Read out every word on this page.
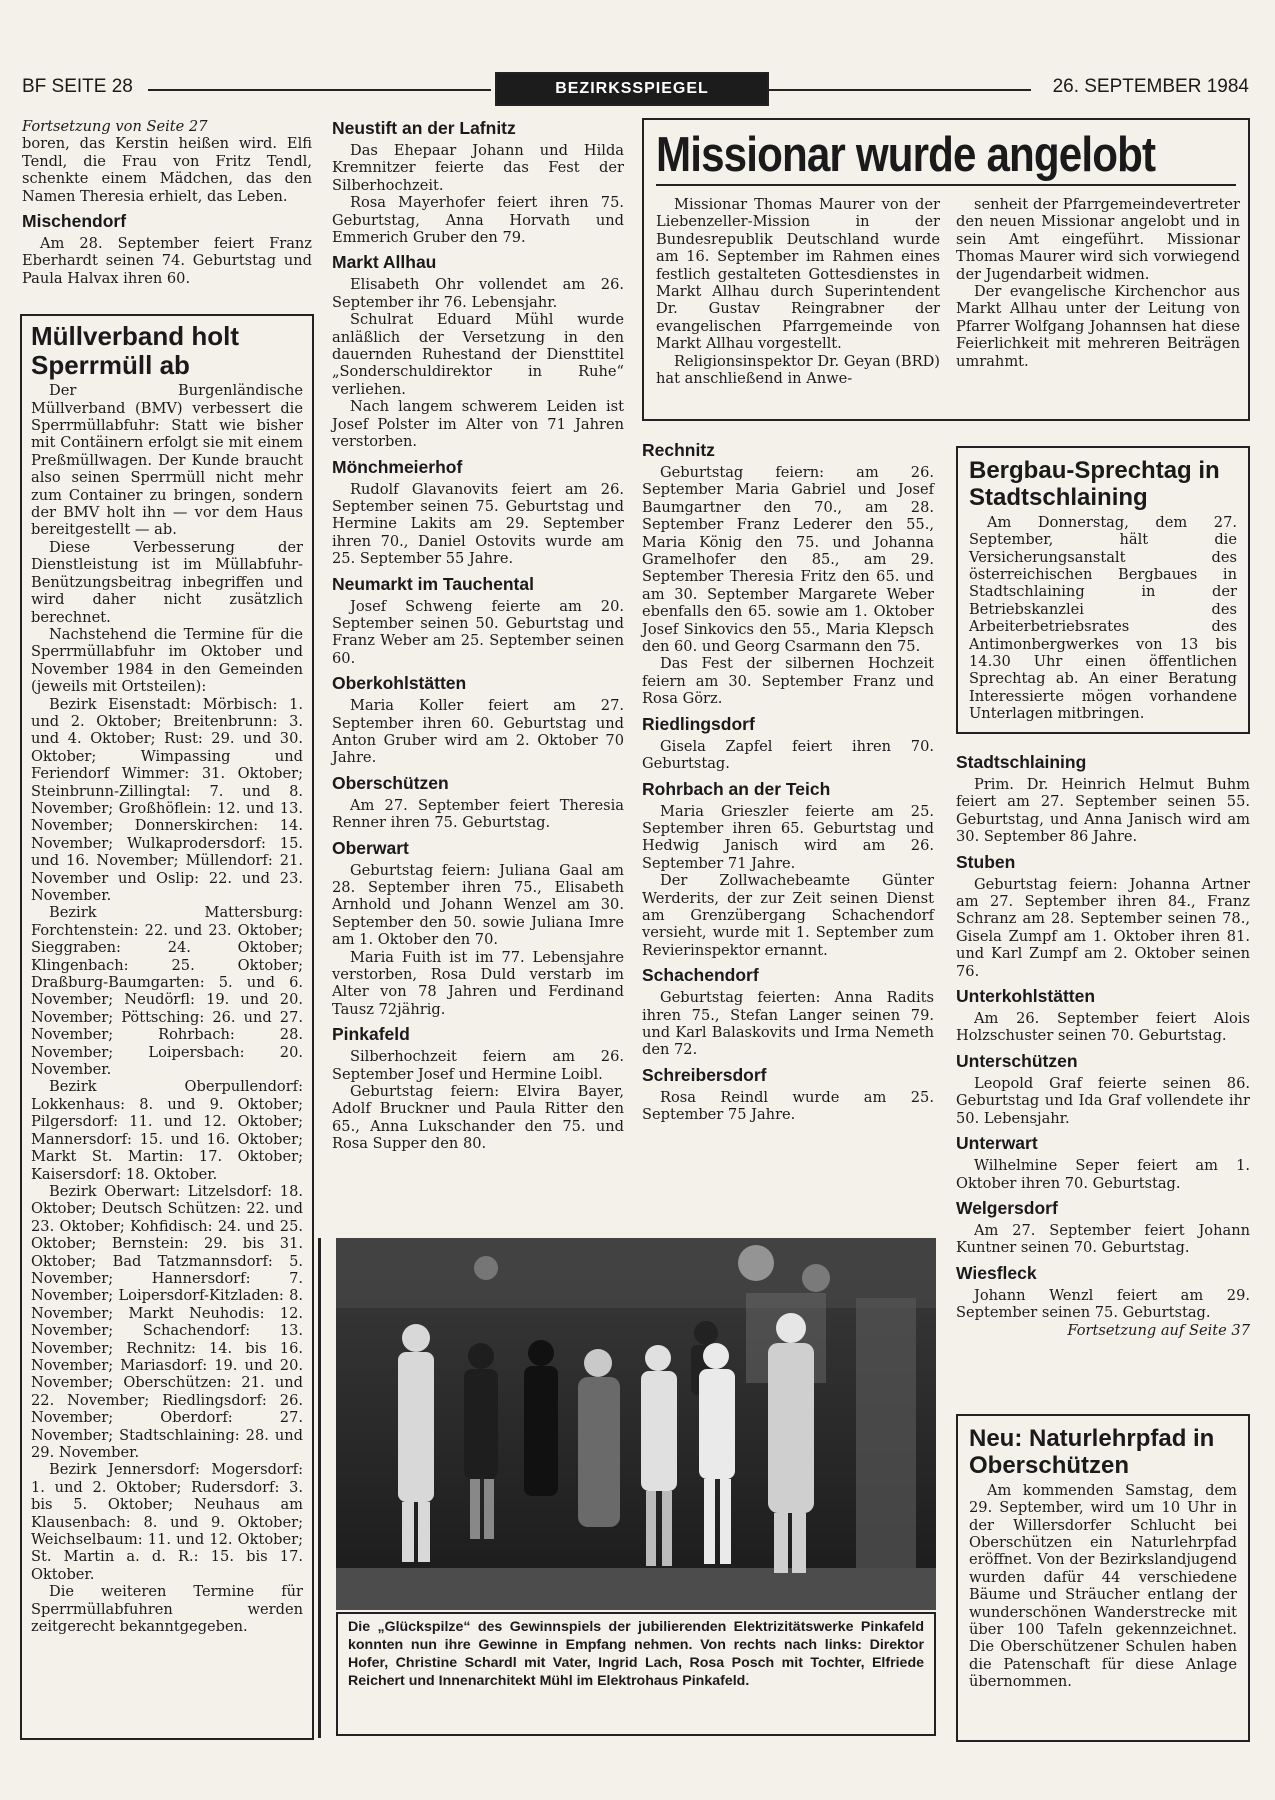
BF SEITE 28	BEZIRKSSPIEGEL	26. SEPTEMBER 1984

Fortsetzung von Seite 27

boren, das Kerstin heißen wird. Elfi Tendl, die Frau von Fritz Tendl, schenkte einem Mädchen, das den Namen Theresia erhielt, das Leben.

Mischendorf

Am 28. September feiert Franz Eberhardt seinen 74. Geburtstag und Paula Halvax ihren 60.

Müllverband holt Sperrmüll ab

Der Burgenländische Müllverband (BMV) verbessert die Sperrmüllabfuhr: Statt wie bisher mit Contäinern erfolgt sie mit einem Preßmüllwagen. Der Kunde braucht also seinen Sperrmüll nicht mehr zum Container zu bringen, sondern der BMV holt ihn — vor dem Haus bereitgestellt — ab.

Diese Verbesserung der Dienstleistung ist im Müllabfuhr-Benützungsbeitrag inbegriffen und wird daher nicht zusätzlich berechnet.

Nachstehend die Termine für die Sperrmüllabfuhr im Oktober und November 1984 in den Gemeinden (jeweils mit Ortsteilen):

Bezirk Eisenstadt: Mörbisch: 1. und 2. Oktober; Breitenbrunn: 3. und 4. Oktober; Rust: 29. und 30. Oktober; Wimpassing und Feriendorf Wimmer: 31. Oktober; Steinbrunn-Zillingtal: 7. und 8. November; Großhöflein: 12. und 13. November; Donnerskirchen: 14. November; Wulkaprodersdorf: 15. und 16. November; Müllendorf: 21. November und Oslip: 22. und 23. November.

Bezirk Mattersburg: Forchtenstein: 22. und 23. Oktober; Sieggraben: 24. Oktober; Klingenbach: 25. Oktober; Draßburg-Baumgarten: 5. und 6. November; Neudörfl: 19. und 20. November; Pöttsching: 26. und 27. November; Rohrbach: 28. November; Loipersbach: 20. November.

Bezirk Oberpullendorf: Lokkenhaus: 8. und 9. Oktober; Pilgersdorf: 11. und 12. Oktober; Mannersdorf: 15. und 16. Oktober; Markt St. Martin: 17. Oktober; Kaisersdorf: 18. Oktober.

Bezirk Oberwart: Litzelsdorf: 18. Oktober; Deutsch Schützen: 22. und 23. Oktober; Kohfidisch: 24. und 25. Oktober; Bernstein: 29. bis 31. Oktober; Bad Tatzmannsdorf: 5. November; Hannersdorf: 7. November; Loipersdorf-Kitzladen: 8. November; Markt Neuhodis: 12. November; Schachendorf: 13. November; Rechnitz: 14. bis 16. November; Mariasdorf: 19. und 20. November; Oberschützen: 21. und 22. November; Riedlingsdorf: 26. November; Oberdorf: 27. November; Stadtschlaining: 28. und 29. November.

Bezirk Jennersdorf: Mogersdorf: 1. und 2. Oktober; Rudersdorf: 3. bis 5. Oktober; Neuhaus am Klausenbach: 8. und 9. Oktober; Weichselbaum: 11. und 12. Oktober; St. Martin a. d. R.: 15. bis 17. Oktober.

Die weiteren Termine für Sperrmüllabfuhren werden zeitgerecht bekanntgegeben.

Neustift an der Lafnitz

Das Ehepaar Johann und Hilda Kremnitzer feierte das Fest der Silberhochzeit.

Rosa Mayerhofer feiert ihren 75. Geburtstag, Anna Horvath und Emmerich Gruber den 79.

Markt Allhau

Elisabeth Ohr vollendet am 26. September ihr 76. Lebensjahr.

Schulrat Eduard Mühl wurde anläßlich der Versetzung in den dauernden Ruhestand der Diensttitel „Sonderschuldirektor in Ruhe“ verliehen.

Nach langem schwerem Leiden ist Josef Polster im Alter von 71 Jahren verstorben.

Mönchmeierhof

Rudolf Glavanovits feiert am 26. September seinen 75. Geburtstag und Hermine Lakits am 29. September ihren 70., Daniel Ostovits wurde am 25. September 55 Jahre.

Neumarkt im Tauchental

Josef Schweng feierte am 20. September seinen 50. Geburtstag und Franz Weber am 25. September seinen 60.

Oberkohlstätten

Maria Koller feiert am 27. September ihren 60. Geburtstag und Anton Gruber wird am 2. Oktober 70 Jahre.

Oberschützen

Am 27. September feiert Theresia Renner ihren 75. Geburtstag.

Oberwart

Geburtstag feiern: Juliana Gaal am 28. September ihren 75., Elisabeth Arnhold und Johann Wenzel am 30. September den 50. sowie Juliana Imre am 1. Oktober den 70.

Maria Fuith ist im 77. Lebensjahre verstorben, Rosa Duld verstarb im Alter von 78 Jahren und Ferdinand Tausz 72jährig.

Pinkafeld

Silberhochzeit feiern am 26. September Josef und Hermine Loibl.

Geburtstag feiern: Elvira Bayer, Adolf Bruckner und Paula Ritter den 65., Anna Lukschander den 75. und Rosa Supper den 80.

Missionar wurde angelobt

Missionar Thomas Maurer von der Liebenzeller-Mission in der Bundesrepublik Deutschland wurde am 16. September im Rahmen eines festlich gestalteten Gottesdienstes in Markt Allhau durch Superintendent Dr. Gustav Reingrabner der evangelischen Pfarrgemeinde von Markt Allhau vorgestellt.

Religionsinspektor Dr. Geyan (BRD) hat anschließend in Anwe-

senheit der Pfarrgemeindevertreter den neuen Missionar angelobt und in sein Amt eingeführt. Missionar Thomas Maurer wird sich vorwiegend der Jugendarbeit widmen.

Der evangelische Kirchenchor aus Markt Allhau unter der Leitung von Pfarrer Wolfgang Johannsen hat diese Feierlichkeit mit mehreren Beiträgen umrahmt.

Rechnitz

Geburtstag feiern: am 26. September Maria Gabriel und Josef Baumgartner den 70., am 28. September Franz Lederer den 55., Maria König den 75. und Johanna Gramelhofer den 85., am 29. September Theresia Fritz den 65. und am 30. September Margarete Weber ebenfalls den 65. sowie am 1. Oktober Josef Sinkovics den 55., Maria Klepsch den 60. und Georg Csarmann den 75.

Das Fest der silbernen Hochzeit feiern am 30. September Franz und Rosa Görz.

Riedlingsdorf

Gisela Zapfel feiert ihren 70. Geburtstag.

Rohrbach an der Teich

Maria Grieszler feierte am 25. September ihren 65. Geburtstag und Hedwig Janisch wird am 26. September 71 Jahre.

Der Zollwachebeamte Günter Werderits, der zur Zeit seinen Dienst am Grenzübergang Schachendorf versieht, wurde mit 1. September zum Revierinspektor ernannt.

Schachendorf

Geburtstag feierten: Anna Radits ihren 75., Stefan Langer seinen 79. und Karl Balaskovits und Irma Nemeth den 72.

Schreibersdorf

Rosa Reindl wurde am 25. September 75 Jahre.

Bergbau-Sprechtag in Stadtschlaining

Am Donnerstag, dem 27. September, hält die Versicherungsanstalt des österreichischen Bergbaues in Stadtschlaining in der Betriebskanzlei des Arbeiterbetriebsrates des Antimonbergwerkes von 13 bis 14.30 Uhr einen öffentlichen Sprechtag ab. An einer Beratung Interessierte mögen vorhandene Unterlagen mitbringen.

Stadtschlaining

Prim. Dr. Heinrich Helmut Buhm feiert am 27. September seinen 55. Geburtstag, und Anna Janisch wird am 30. September 86 Jahre.

Stuben

Geburtstag feiern: Johanna Artner am 27. September ihren 84., Franz Schranz am 28. September seinen 78., Gisela Zumpf am 1. Oktober ihren 81. und Karl Zumpf am 2. Oktober seinen 76.

Unterkohlstätten

Am 26. September feiert Alois Holzschuster seinen 70. Geburtstag.

Unterschützen

Leopold Graf feierte seinen 86. Geburtstag und Ida Graf vollendete ihr 50. Lebensjahr.

Unterwart

Wilhelmine Seper feiert am 1. Oktober ihren 70. Geburtstag.

Welgersdorf

Am 27. September feiert Johann Kuntner seinen 70. Geburtstag.

Wiesfleck

Johann Wenzl feiert am 29. September seinen 75. Geburtstag.

Fortsetzung auf Seite 37

Neu: Naturlehrpfad in Oberschützen

Am kommenden Samstag, dem 29. September, wird um 10 Uhr in der Willersdorfer Schlucht bei Oberschützen ein Naturlehrpfad eröffnet. Von der Bezirkslandjugend wurden dafür 44 verschiedene Bäume und Sträucher entlang der wunderschönen Wanderstrecke mit über 100 Tafeln gekennzeichnet. Die Oberschützener Schulen haben die Patenschaft für diese Anlage übernommen.

Die „Glückspilze“ des Gewinnspiels der jubilierenden Elektrizitätswerke Pinkafeld konnten nun ihre Gewinne in Empfang nehmen. Von rechts nach links: Direktor Hofer, Christine Schardl mit Vater, Ingrid Lach, Rosa Posch mit Tochter, Elfriede Reichert und Innenarchitekt Mühl im Elektrohaus Pinkafeld.
